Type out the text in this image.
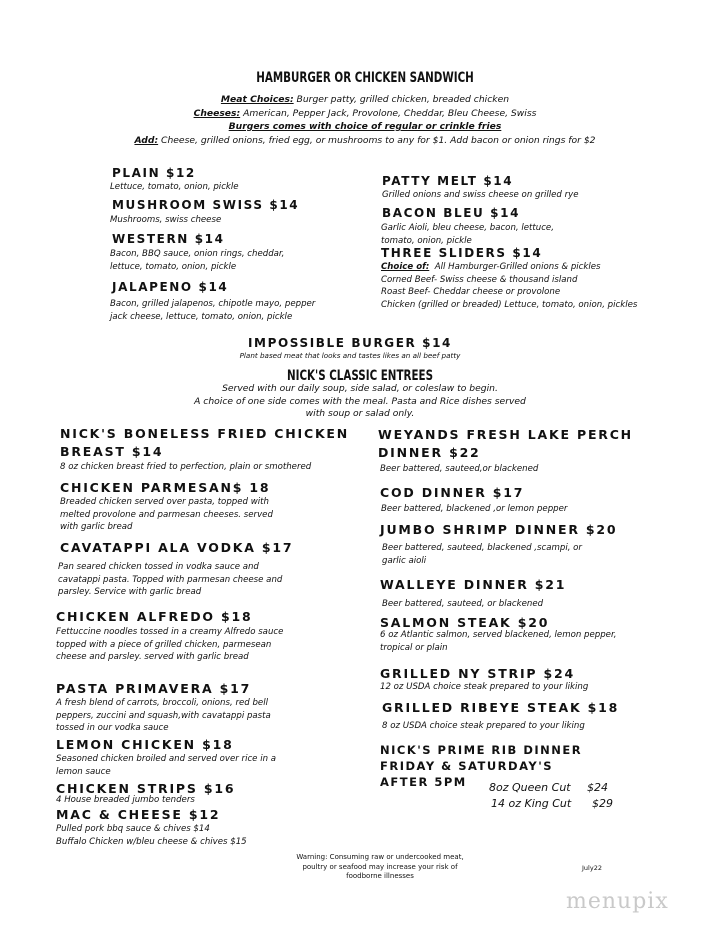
HAMBURGER OR CHICKEN SANDWICH
Meat Choices: Burger patty, grilled chicken, breaded chicken
Cheeses: American, Pepper Jack, Provolone, Cheddar, Bleu Cheese, Swiss
Burgers comes with choice of regular or crinkle fries
Add: Cheese, grilled onions, fried egg, or mushrooms to any for $1. Add bacon or onion rings for $2
PLAIN $12
Lettuce, tomato, onion, pickle
MUSHROOM SWISS $14
Mushrooms, swiss cheese
WESTERN $14
Bacon, BBQ sauce, onion rings, cheddar, lettuce, tomato, onion, pickle
JALAPENO $14
Bacon, grilled jalapenos, chipotle mayo, pepper jack cheese, lettuce, tomato, onion, pickle
PATTY MELT $14
Grilled onions and swiss cheese on grilled rye
BACON BLEU $14
Garlic Aioli, bleu cheese, bacon, lettuce, tomato, onion, pickle
THREE SLIDERS $14
Choice of:  All Hamburger-Grilled onions & pickles
Corned Beef- Swiss cheese & thousand island
Roast Beef- Cheddar cheese or provolone
Chicken (grilled or breaded) Lettuce, tomato, onion, pickles
IMPOSSIBLE BURGER $14
Plant based meat that looks and tastes likes an all beef patty
NICK'S CLASSIC ENTREES
Served with our daily soup, side salad, or coleslaw to begin.
A choice of one side comes with the meal. Pasta and Rice dishes served
with soup or salad only.
NICK'S BONELESS FRIED CHICKEN BREAST $14
8 oz chicken breast fried to perfection, plain or smothered
CHICKEN PARMESAN$ 18
Breaded chicken served over pasta, topped with melted provolone and parmesan cheeses. served with garlic bread
CAVATAPPI ALA VODKA $17
Pan seared chicken tossed in vodka sauce and cavatappi pasta. Topped with parmesan cheese and parsley. Service with garlic bread
CHICKEN ALFREDO $18
Fettuccine noodles tossed in a creamy Alfredo sauce topped with a piece of grilled chicken, parmesean cheese and parsley. served with garlic bread
PASTA PRIMAVERA $17
A fresh blend of carrots, broccoli, onions, red bell peppers, zuccini and squash,with cavatappi pasta tossed in our vodka sauce
LEMON CHICKEN $18
Seasoned chicken broiled and served over rice in a lemon sauce
CHICKEN STRIPS $16
4 House breaded jumbo tenders
MAC & CHEESE $12
Pulled pork bbq sauce & chives $14
Buffalo Chicken w/bleu cheese & chives $15
WEYANDS FRESH LAKE PERCH DINNER $22
Beer battered, sauteed,or blackened
COD DINNER $17
Beer battered, blackened ,or lemon pepper
JUMBO SHRIMP DINNER $20
Beer battered, sauteed, blackened ,scampi, or garlic aioli
WALLEYE DINNER $21
Beer battered, sauteed, or blackened
SALMON STEAK $20
6 oz Atlantic salmon, served blackened, lemon pepper, tropical or plain
GRILLED NY STRIP $24
12 oz USDA choice steak prepared to your liking
GRILLED RIBEYE STEAK $18
8 oz USDA choice steak prepared to your liking
NICK'S PRIME RIB DINNER
FRIDAY & SATURDAY'S
AFTER 5PM	8oz Queen Cut $24
14 oz King Cut $29
Warning: Consuming raw or undercooked meat,
poultry or seafood may increase your risk of
foodborne illnesses
July22
menupix
